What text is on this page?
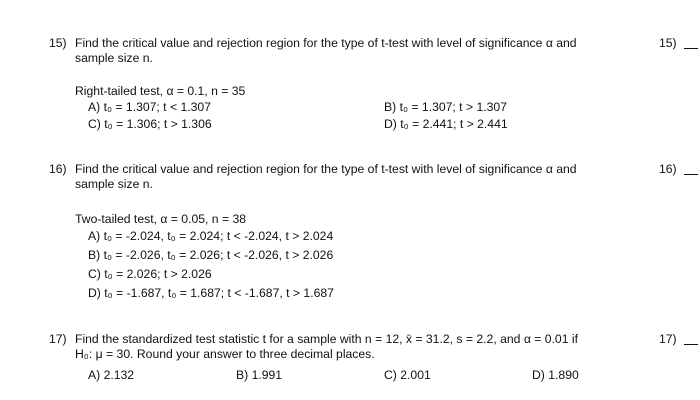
15) Find the critical value and rejection region for the type of t-test with level of significance α and
sample size n.
15)
Right-tailed test, α = 0.1, n = 35
A) t₀ = 1.307; t < 1.307	B) t₀ = 1.307; t > 1.307
C) t₀ = 1.306; t > 1.306	D) t₀ = 2.441; t > 2.441
16) Find the critical value and rejection region for the type of t-test with level of significance α and
sample size n.
16)
Two-tailed test, α = 0.05, n = 38
A) t₀ = -2.024, t₀ = 2.024; t < -2.024, t > 2.024
B) t₀ = -2.026, t₀ = 2.026; t < -2.026, t > 2.026
C) t₀ = 2.026; t > 2.026
D) t₀ = -1.687, t₀ = 1.687; t < -1.687, t > 1.687
17) Find the standardized test statistic t for a sample with n = 12, x̄ = 31.2, s = 2.2, and α = 0.01 if
H₀: μ = 30. Round your answer to three decimal places.
17)
A) 2.132	B) 1.991	C) 2.001	D) 1.890
